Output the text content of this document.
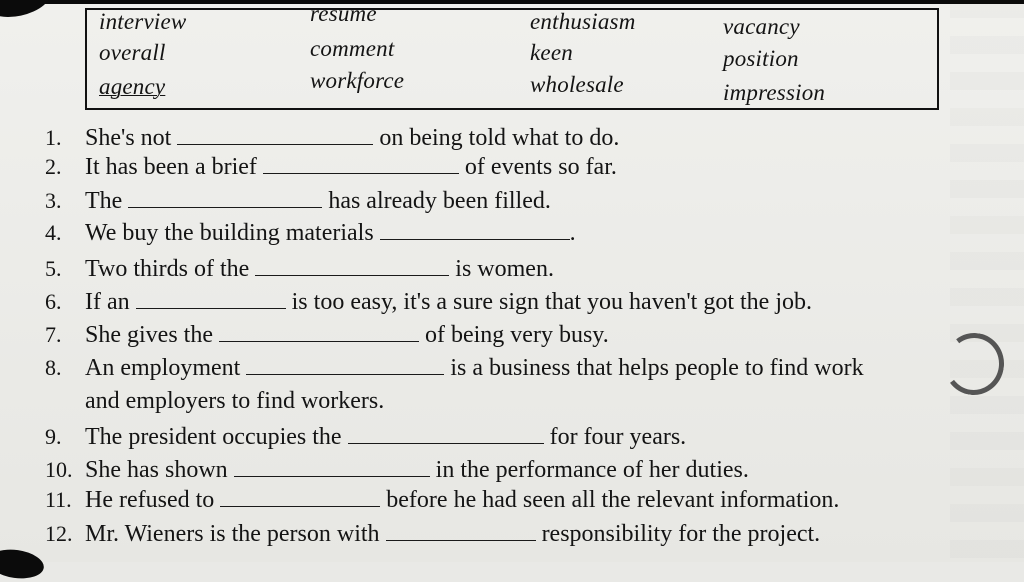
interview	resume	enthusiasm	vacancy
overall	comment	keen	position
agency	workforce	wholesale	impression
1. She's not	on being told what to do.
2. It has been a brief	of events so far.
3. The	has already been filled.
4. We buy the building materials	.
5. Two thirds of the	is women.
6. If an	is too easy, it's a sure sign that you haven't got the job.
7. She gives the	of being very busy.
8. An employment	is a business that helps people to find work
and employers to find workers.
9. The president occupies the	for four years.
10. She has shown	in the performance of her duties.
11. He refused to	before he had seen all the relevant information.
12. Mr. Wieners is the person with	responsibility for the project.
